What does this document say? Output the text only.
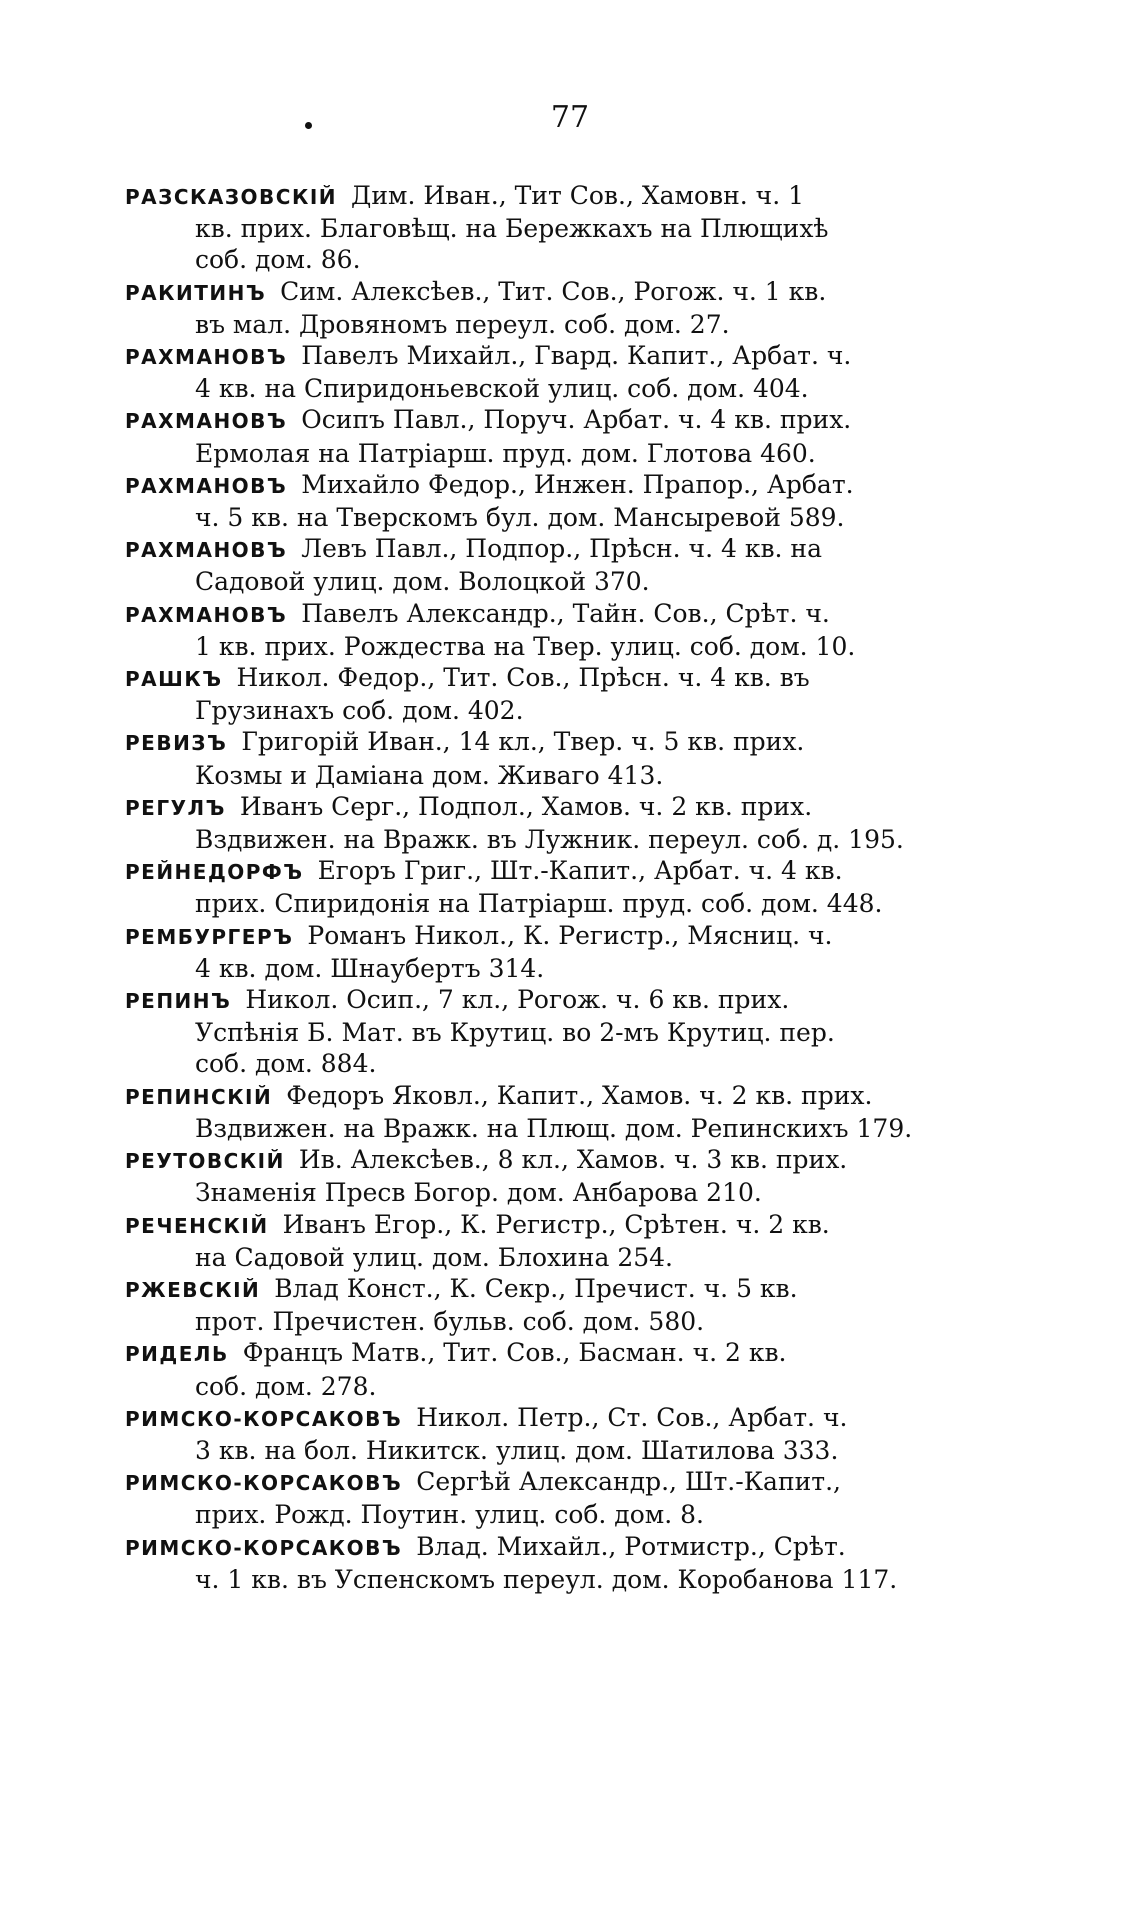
77
РАЗСКАЗОВСКІЙ Дим. Иван., Тит Сов., Хамовн. ч. 1
кв. прих. Благовѣщ. на Бережкахъ на Плющихѣ
соб. дом. 86.
РАКИТИНЪ Сим. Алексѣев., Тит. Сов., Рогож. ч. 1 кв.
въ мал. Дровяномъ переул. соб. дом. 27.
РАХМАНОВЪ Павелъ Михайл., Гвард. Капит., Арбат. ч.
4 кв. на Спиридоньевской улиц. соб. дом. 404.
РАХМАНОВЪ Осипъ Павл., Поруч. Арбат. ч. 4 кв. прих.
Ермолая на Патріарш. пруд. дом. Глотова 460.
РАХМАНОВЪ Михайло Федор., Инжен. Прапор., Арбат.
ч. 5 кв. на Тверскомъ бул. дом. Мансыревой 589.
РАХМАНОВЪ Левъ Павл., Подпор., Прѣсн. ч. 4 кв. на
Садовой улиц. дом. Волоцкой 370.
РАХМАНОВЪ Павелъ Александр., Тайн. Сов., Срѣт. ч.
1 кв. прих. Рождества на Твер. улиц. соб. дом. 10.
РАШКЪ Никол. Федор., Тит. Сов., Прѣсн. ч. 4 кв. въ
Грузинахъ соб. дом. 402.
РЕВИЗЪ Григорій Иван., 14 кл., Твер. ч. 5 кв. прих.
Козмы и Даміана дом. Живаго 413.
РЕГУЛЪ Иванъ Серг., Подпол., Хамов. ч. 2 кв. прих.
Вздвижен. на Вражк. въ Лужник. переул. соб. д. 195.
РЕЙНЕДОРФЪ Егоръ Григ., Шт.-Капит., Арбат. ч. 4 кв.
прих. Спиридонія на Патріарш. пруд. соб. дом. 448.
РЕМБУРГЕРЪ Романъ Никол., К. Регистр., Мясниц. ч.
4 кв. дом. Шнаубертъ 314.
РЕПИНЪ Никол. Осип., 7 кл., Рогож. ч. 6 кв. прих.
Успѣнія Б. Мат. въ Крутиц. во 2-мъ Крутиц. пер.
соб. дом. 884.
РЕПИНСКІЙ Федоръ Яковл., Капит., Хамов. ч. 2 кв. прих.
Вздвижен. на Вражк. на Плющ. дом. Репинскихъ 179.
РЕУТОВСКІЙ Ив. Алексѣев., 8 кл., Хамов. ч. 3 кв. прих.
Знаменія Пресв Богор. дом. Анбарова 210.
РЕЧЕНСКІЙ Иванъ Егор., К. Регистр., Срѣтен. ч. 2 кв.
на Садовой улиц. дом. Блохина 254.
РЖЕВСКІЙ Влад Конст., К. Секр., Пречист. ч. 5 кв.
прот. Пречистен. бульв. соб. дом. 580.
РИДЕЛЬ Францъ Матв., Тит. Сов., Басман. ч. 2 кв.
соб. дом. 278.
РИМСКО-КОРСАКОВЪ Никол. Петр., Ст. Сов., Арбат. ч.
3 кв. на бол. Никитск. улиц. дом. Шатилова 333.
РИМСКО-КОРСАКОВЪ Сергѣй Александр., Шт.-Капит.,
прих. Рожд. Поутин. улиц. соб. дом. 8.
РИМСКО-КОРСАКОВЪ Влад. Михайл., Ротмистр., Срѣт.
ч. 1 кв. въ Успенскомъ переул. дом. Коробанова 117.
